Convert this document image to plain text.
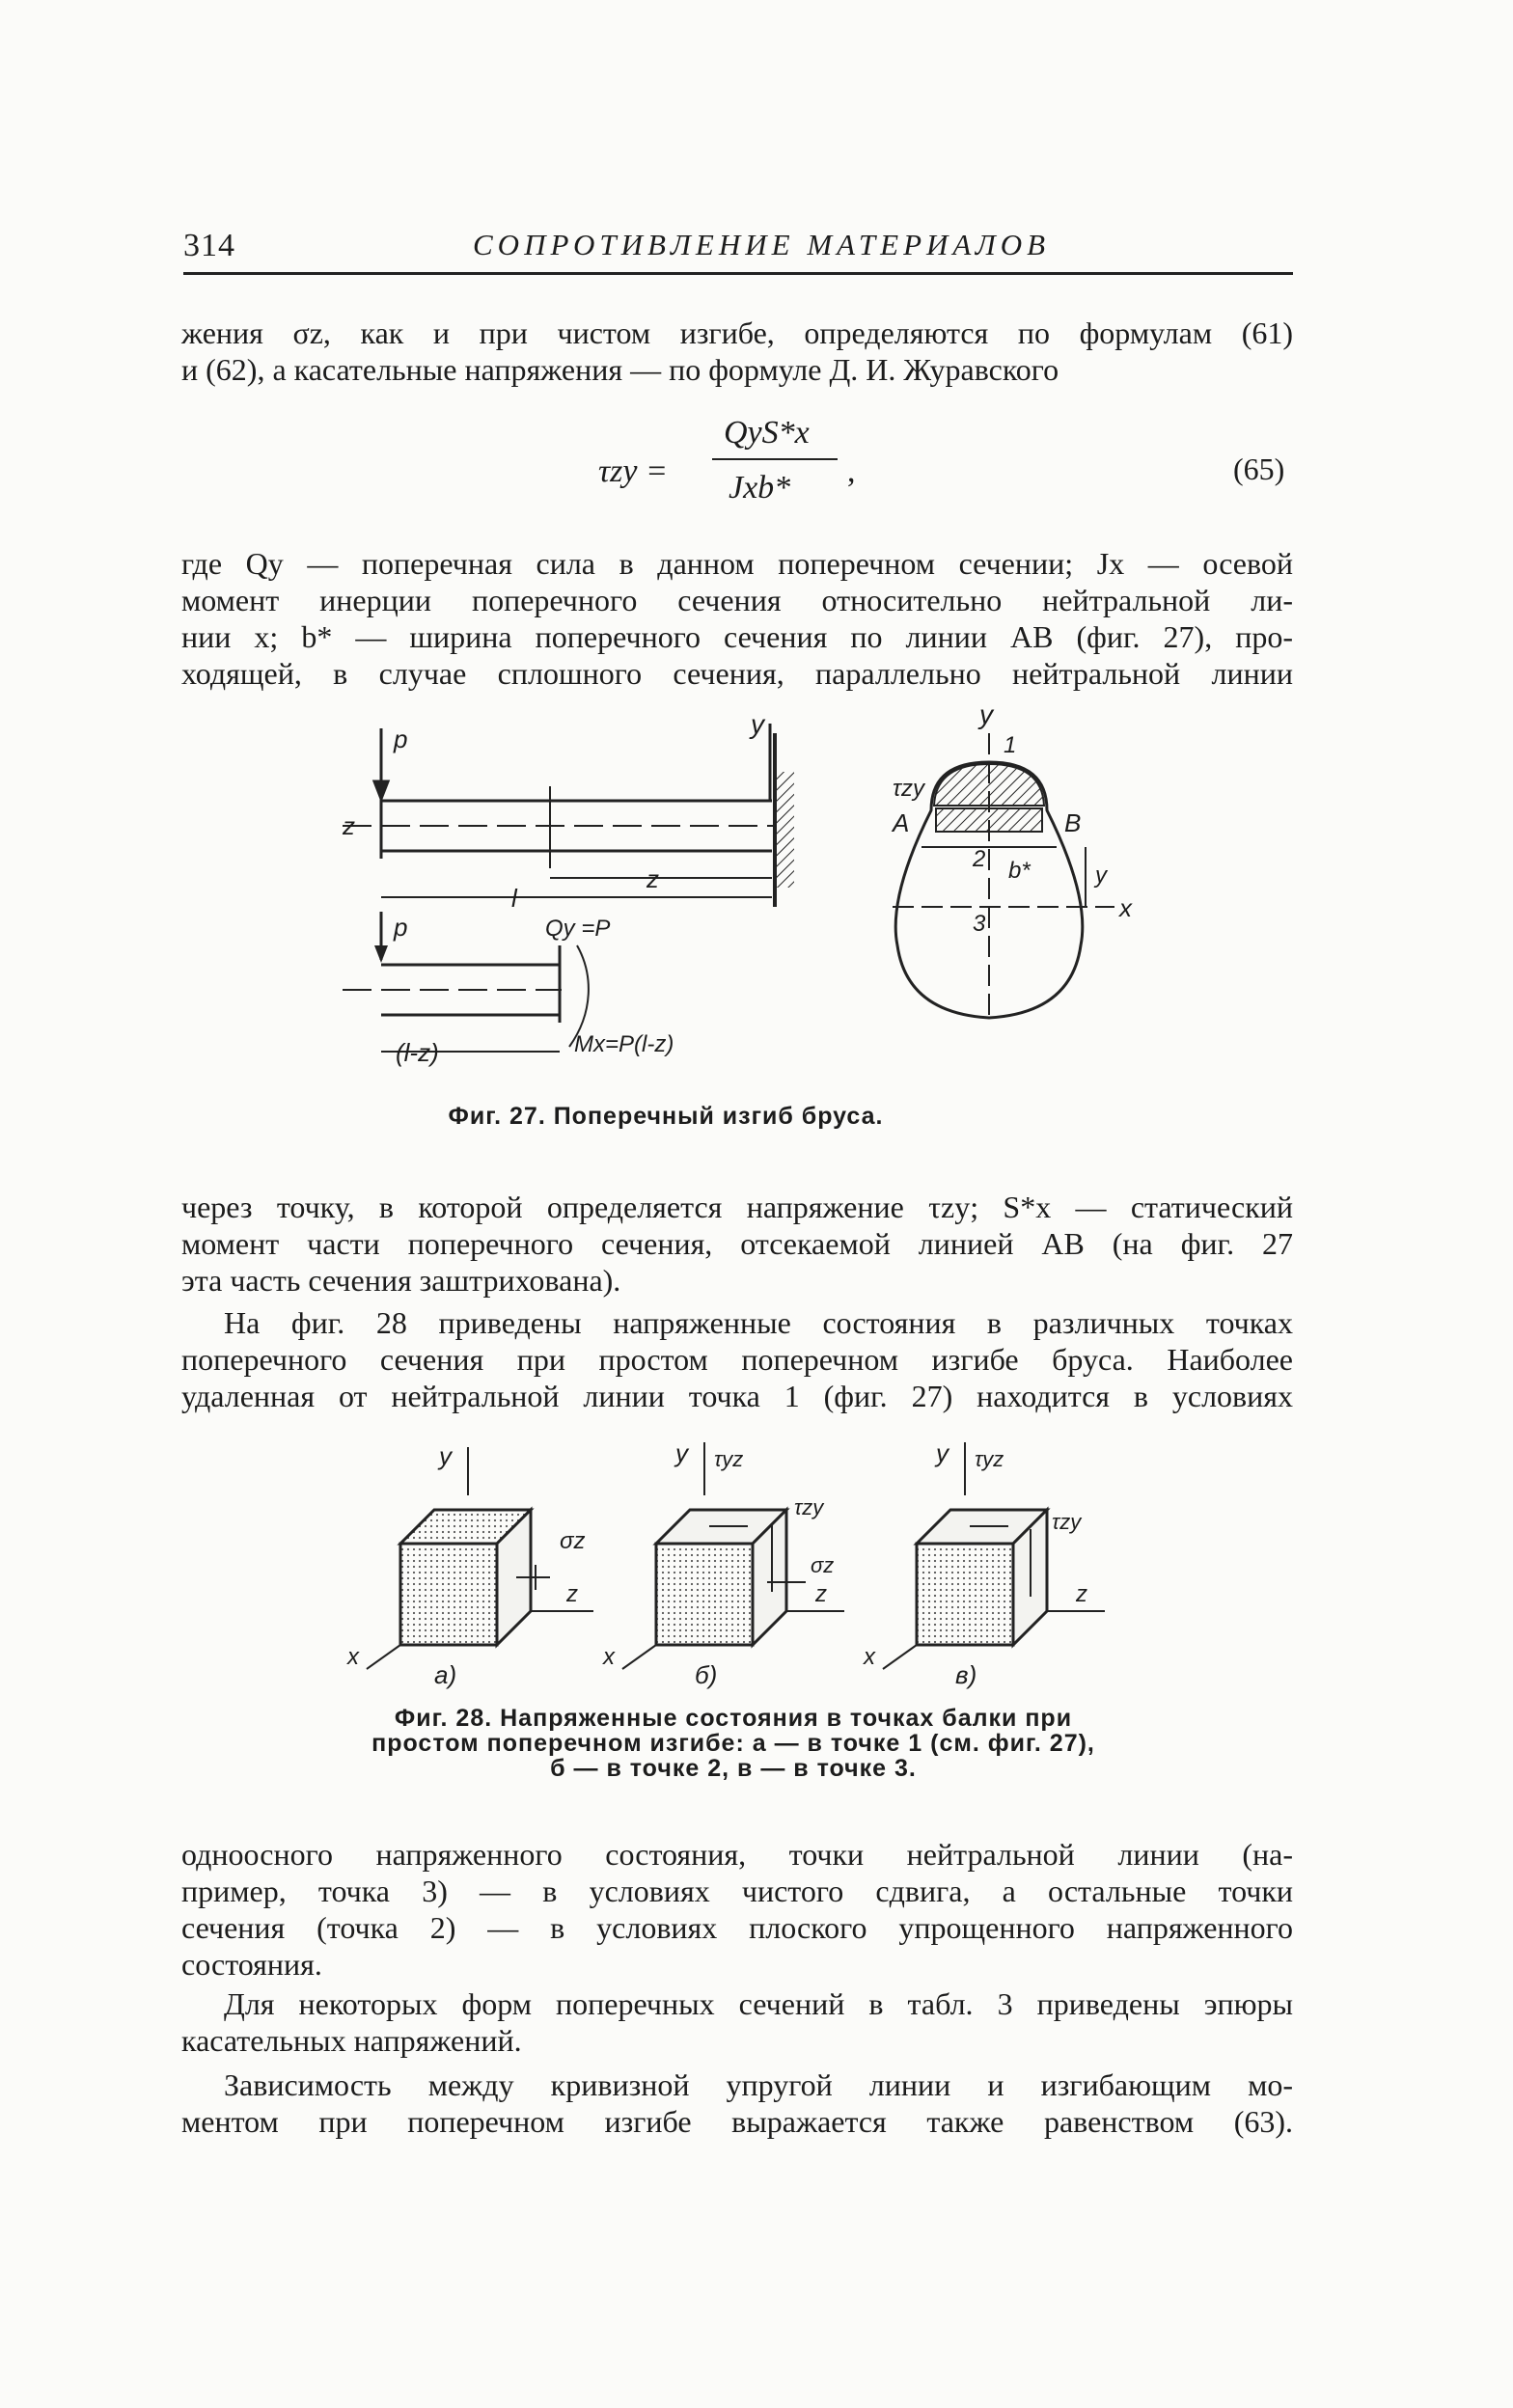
314	СОПРОТИВЛЕНИЕ МАТЕРИАЛОВ
жения σz, как и при чистом изгибе, определяются по формулам (61)
и (62), а касательные напряжения — по формуле Д. И. Журавского
τzy =
QyS*x
Jxb* ,	(65)
где Qy — поперечная сила в данном поперечном сечении; Jx — осевой
момент инерции поперечного сечения относительно нейтральной ли-
нии x; b* — ширина поперечного сечения по линии AB (фиг. 27), про-
ходящей, в случае сплошного сечения, параллельно нейтральной линии
p	y
z
l
z
p	Qy =P
(l-z)	Mx=P(l-z)
y
1
τzy
A	B
2 b*	y
3
x
Фиг. 27. Поперечный изгиб бруса.
через точку, в которой определяется напряжение τzy; S*x — статический
момент части поперечного сечения, отсекаемой линией AB (на фиг. 27
эта часть сечения заштрихована).
На фиг. 28 приведены напряженные состояния в различных точках
поперечного сечения при простом поперечном изгибе бруса. Наиболее
удаленная от нейтральной линии точка 1 (фиг. 27) находится в условиях
y
σz
z
x
а)
y τyz
τzy
σz
z
x
б)
y τyz
τzy
z
x
в)
Фиг. 28. Напряженные состояния в точках балки при
простом поперечном изгибе: а — в точке 1 (см. фиг. 27),
б — в точке 2, в — в точке 3.
одноосного напряженного состояния, точки нейтральной линии (на-
пример, точка 3) — в условиях чистого сдвига, а остальные точки
сечения (точка 2) — в условиях плоского упрощенного напряженного
состояния.
Для некоторых форм поперечных сечений в табл. 3 приведены эпюры
касательных напряжений.
Зависимость между кривизной упругой линии и изгибающим мо-
ментом при поперечном изгибе выражается также равенством (63).
